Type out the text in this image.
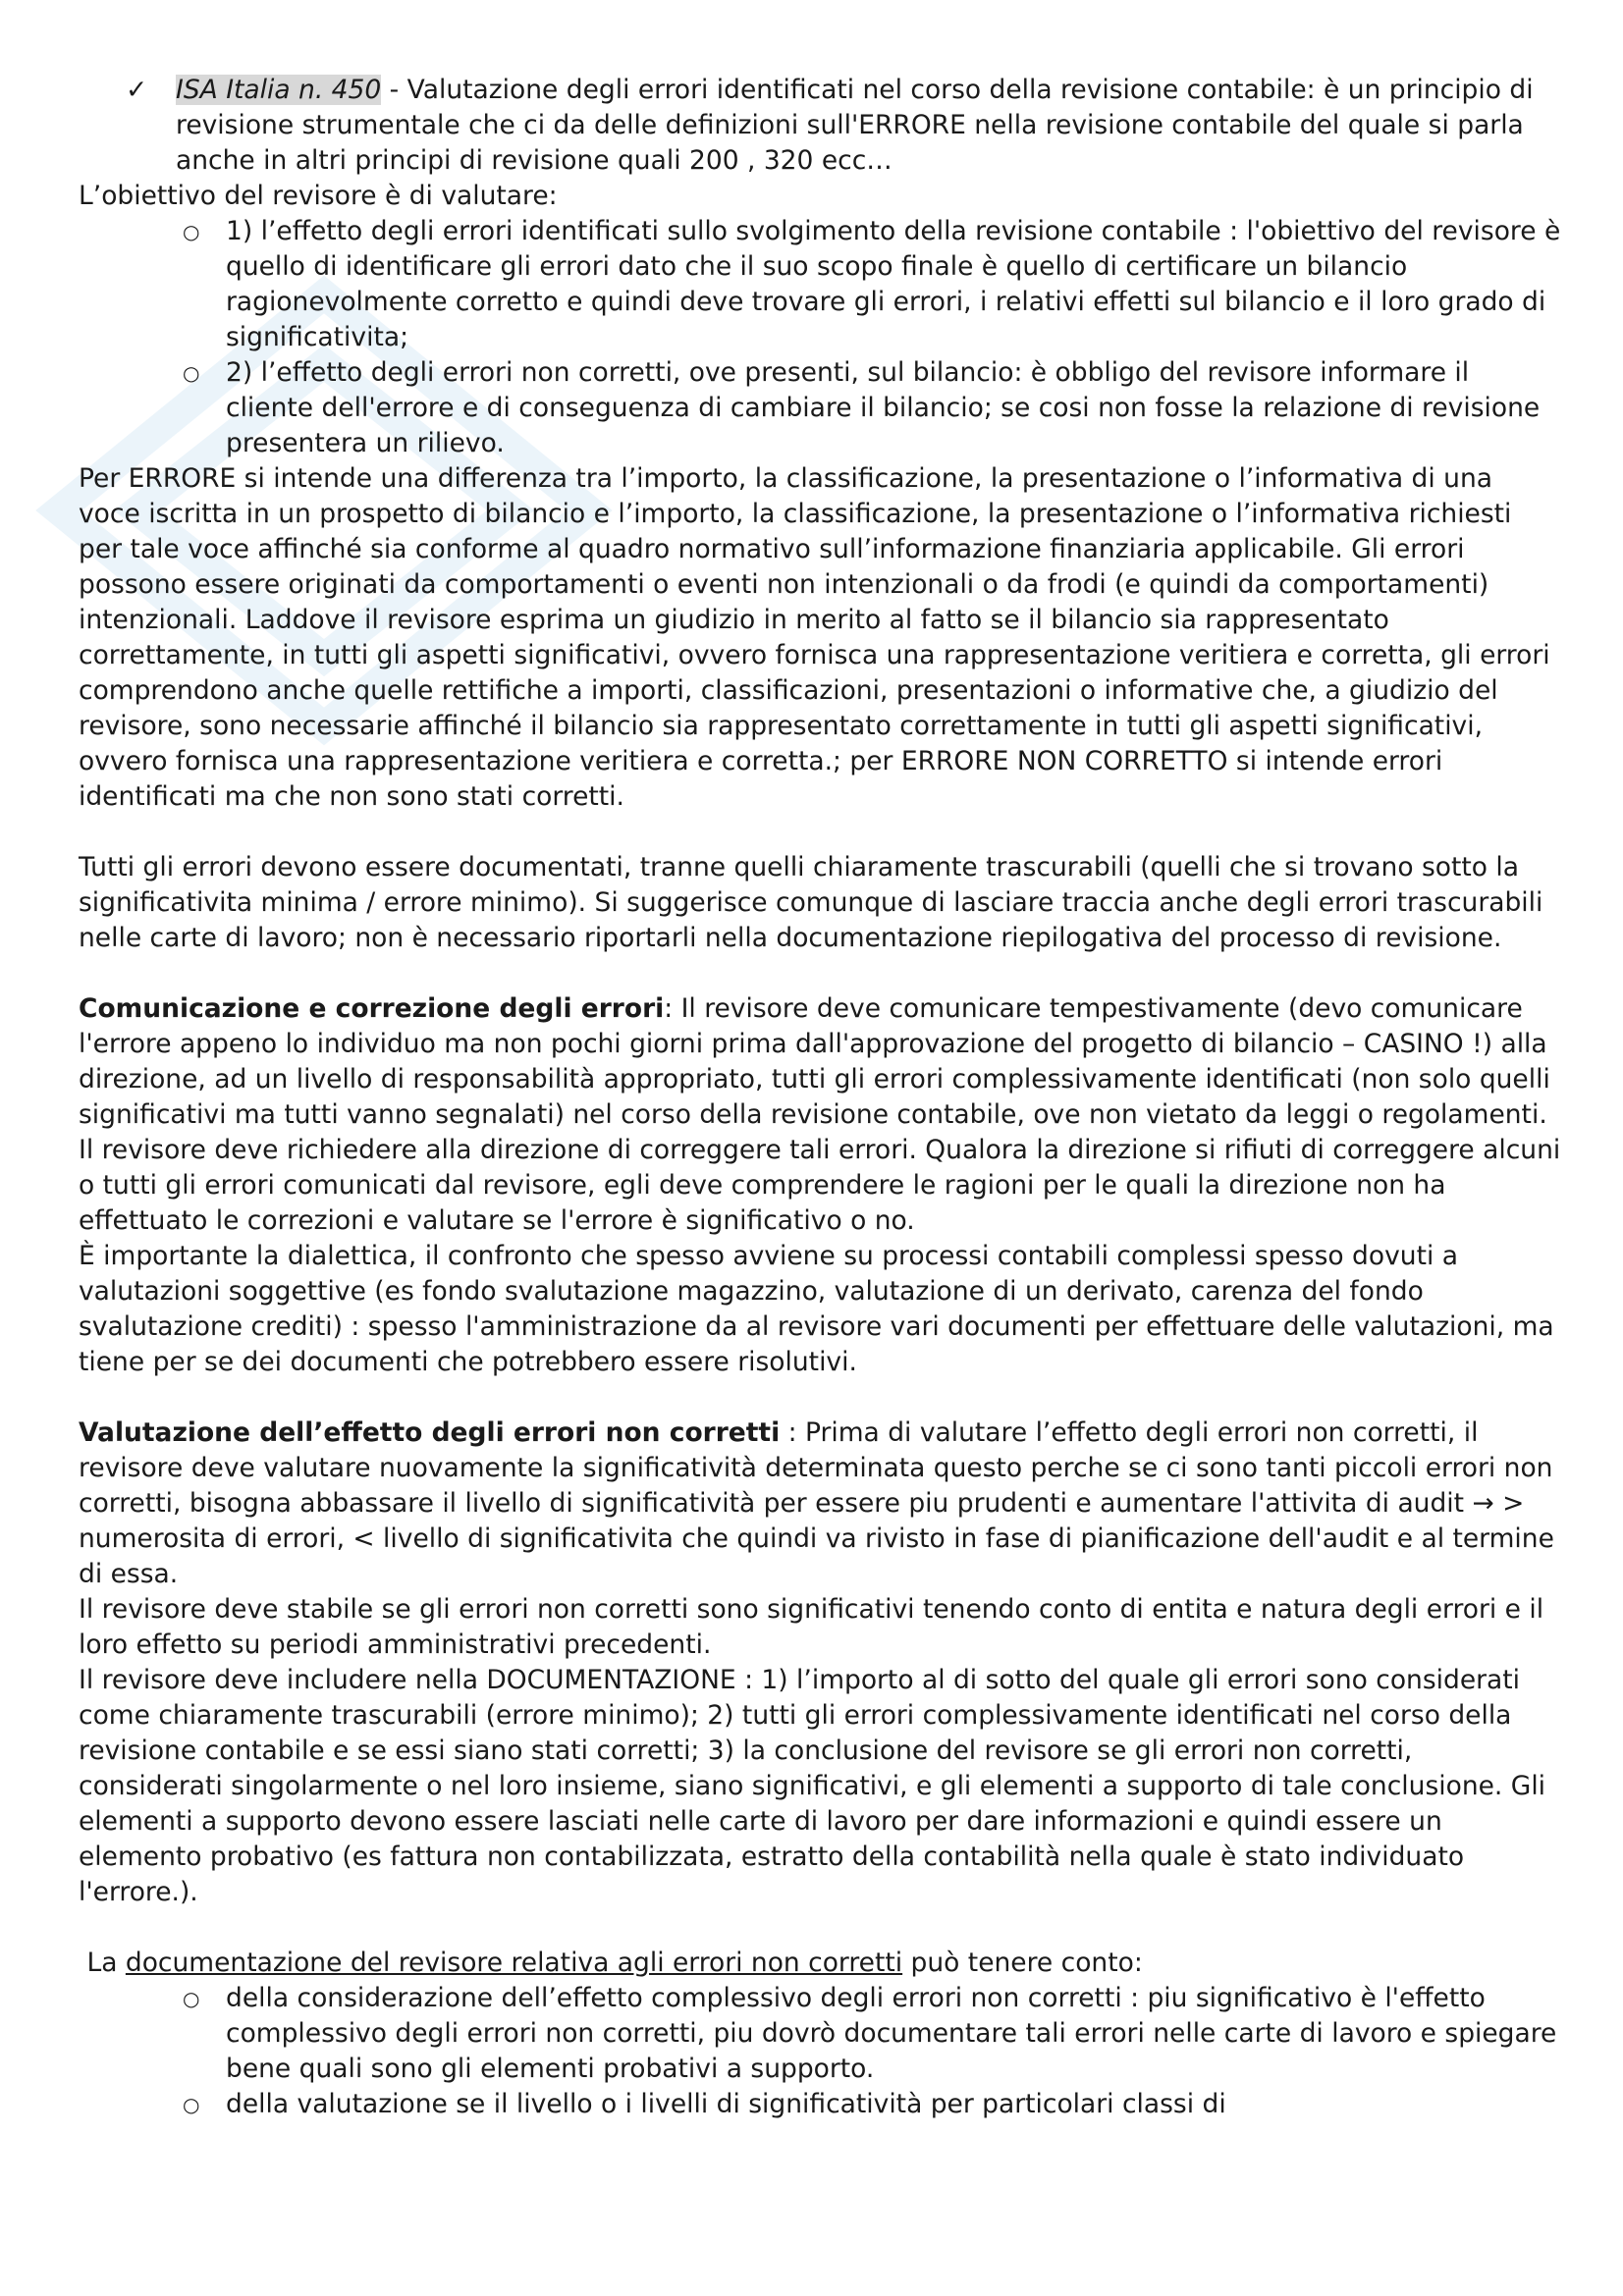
✓ ISA Italia n. 450 - Valutazione degli errori identificati nel corso della revisione contabile: è un principio di revisione strumentale che ci da delle definizioni sull'ERRORE nella revisione contabile del quale si parla anche in altri principi di revisione quali 200 , 320 ecc…

L’obiettivo del revisore è di valutare:

○ 1) l’effetto degli errori identificati sullo svolgimento della revisione contabile : l'obiettivo del revisore è quello di identificare gli errori dato che il suo scopo finale è quello di certificare un bilancio ragionevolmente corretto e quindi deve trovare gli errori, i relativi effetti sul bilancio e il loro grado di significativita;
○ 2) l’effetto degli errori non corretti, ove presenti, sul bilancio: è obbligo del revisore informare il cliente dell'errore e di conseguenza di cambiare il bilancio; se cosi non fosse la relazione di revisione presentera un rilievo.

Per ERRORE si intende una differenza tra l’importo, la classificazione, la presentazione o l’informativa di una voce iscritta in un prospetto di bilancio e l’importo, la classificazione, la presentazione o l’informativa richiesti per tale voce affinché sia conforme al quadro normativo sull’informazione finanziaria applicabile. Gli errori possono essere originati da comportamenti o eventi non intenzionali o da frodi (e quindi da comportamenti) intenzionali. Laddove il revisore esprima un giudizio in merito al fatto se il bilancio sia rappresentato correttamente, in tutti gli aspetti significativi, ovvero fornisca una rappresentazione veritiera e corretta, gli errori comprendono anche quelle rettifiche a importi, classificazioni, presentazioni o informative che, a giudizio del revisore, sono necessarie affinché il bilancio sia rappresentato correttamente in tutti gli aspetti significativi, ovvero fornisca una rappresentazione veritiera e corretta.; per ERRORE NON CORRETTO si intende errori identificati ma che non sono stati corretti.

Tutti gli errori devono essere documentati, tranne quelli chiaramente trascurabili (quelli che si trovano sotto la significativita minima / errore minimo). Si suggerisce comunque di lasciare traccia anche degli errori trascurabili nelle carte di lavoro; non è necessario riportarli nella documentazione riepilogativa del processo di revisione.

Comunicazione e correzione degli errori: Il revisore deve comunicare tempestivamente (devo comunicare l'errore appeno lo individuo ma non pochi giorni prima dall'approvazione del progetto di bilancio – CASINO !) alla direzione, ad un livello di responsabilità appropriato, tutti gli errori complessivamente identificati (non solo quelli significativi ma tutti vanno segnalati) nel corso della revisione contabile, ove non vietato da leggi o regolamenti. Il revisore deve richiedere alla direzione di correggere tali errori. Qualora la direzione si rifiuti di correggere alcuni o tutti gli errori comunicati dal revisore, egli deve comprendere le ragioni per le quali la direzione non ha effettuato le correzioni e valutare se l'errore è significativo o no.

È importante la dialettica, il confronto che spesso avviene su processi contabili complessi spesso dovuti a valutazioni soggettive (es fondo svalutazione magazzino, valutazione di un derivato, carenza del fondo svalutazione crediti) : spesso l'amministrazione da al revisore vari documenti per effettuare delle valutazioni, ma tiene per se dei documenti che potrebbero essere risolutivi.

Valutazione dell’effetto degli errori non corretti : Prima di valutare l’effetto degli errori non corretti, il revisore deve valutare nuovamente la significatività determinata questo perche se ci sono tanti piccoli errori non corretti, bisogna abbassare il livello di significatività per essere piu prudenti e aumentare l'attivita di audit → > numerosita di errori, < livello di significativita che quindi va rivisto in fase di pianificazione dell'audit e al termine di essa.

Il revisore deve stabile se gli errori non corretti sono significativi tenendo conto di entita e natura degli errori e il loro effetto su periodi amministrativi precedenti.

Il revisore deve includere nella DOCUMENTAZIONE : 1) l’importo al di sotto del quale gli errori sono considerati come chiaramente trascurabili (errore minimo); 2) tutti gli errori complessivamente identificati nel corso della revisione contabile e se essi siano stati corretti; 3) la conclusione del revisore se gli errori non corretti, considerati singolarmente o nel loro insieme, siano significativi, e gli elementi a supporto di tale conclusione. Gli elementi a supporto devono essere lasciati nelle carte di lavoro per dare informazioni e quindi essere un elemento probativo (es fattura non contabilizzata, estratto della contabilità nella quale è stato individuato l'errore.).

La documentazione del revisore relativa agli errori non corretti può tenere conto:

○ della considerazione dell’effetto complessivo degli errori non corretti : piu significativo è l'effetto complessivo degli errori non corretti, piu dovrò documentare tali errori nelle carte di lavoro e spiegare bene quali sono gli elementi probativi a supporto.
○ della valutazione se il livello o i livelli di significatività per particolari classi di
